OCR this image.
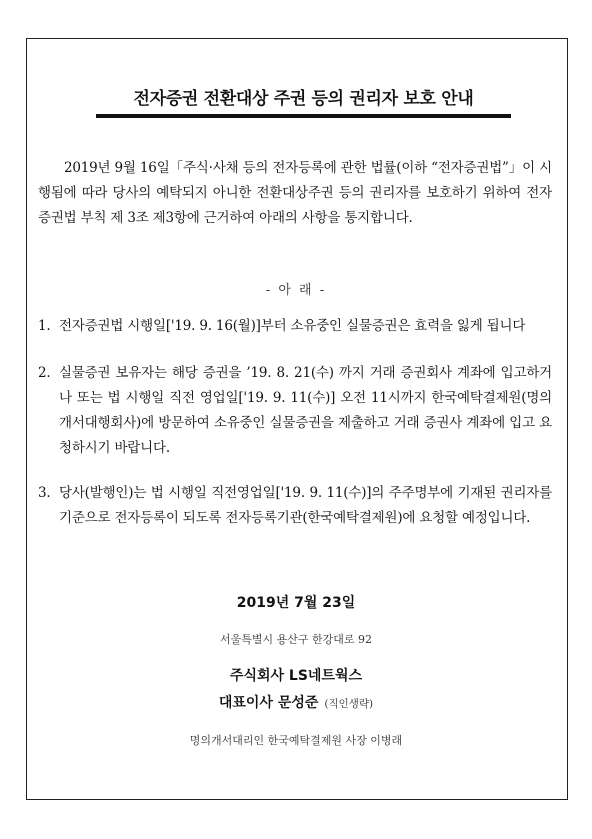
전자증권 전환대상 주권 등의 권리자 보호 안내
2019년 9월 16일「주식·사채 등의 전자등록에 관한 법률(이하 “전자증권법”」이 시행됨에 따라 당사의 예탁되지 아니한 전환대상주권 등의 권리자를 보호하기 위하여 전자증권법 부칙 제 3조 제3항에 근거하여 아래의 사항을 통지합니다.
- 아 래 -
1. 전자증권법 시행일['19. 9. 16(월)]부터 소유중인 실물증권은 효력을 잃게 됩니다
2. 실물증권 보유자는 해당 증권을 ’19. 8. 21(수) 까지 거래 증권회사 계좌에 입고하거나 또는 법 시행일 직전 영업일['19. 9. 11(수)] 오전 11시까지 한국예탁결제원(명의개서대행회사)에 방문하여 소유중인 실물증권을 제출하고 거래 증권사 계좌에 입고 요청하시기 바랍니다.
3. 당사(발행인)는 법 시행일 직전영업일['19. 9. 11(수)]의 주주명부에 기재된 권리자를 기준으로 전자등록이 되도록 전자등록기관(한국예탁결제원)에 요청할 예정입니다.
2019년 7월 23일
서울특별시 용산구 한강대로 92
주식회사 LS네트웍스
대표이사 문성준 (직인생략)
명의개서대리인 한국예탁결제원 사장 이병래
